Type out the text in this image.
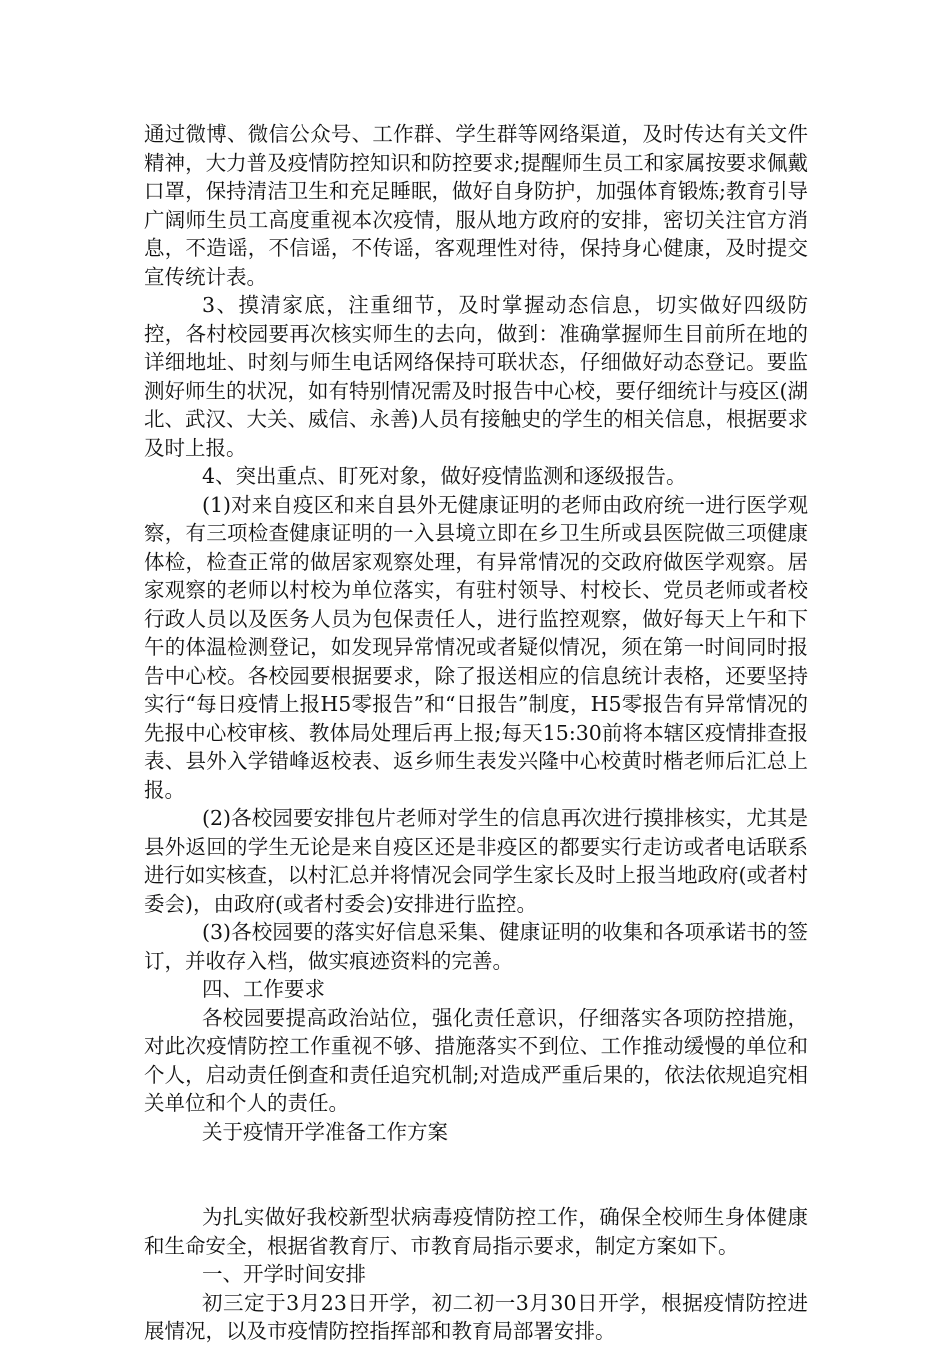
通过微博、微信公众号、工作群、学生群等网络渠道，及时传达有关文件精神，大力普及疫情防控知识和防控要求;提醒师生员工和家属按要求佩戴口罩，保持清洁卫生和充足睡眠，做好自身防护，加强体育锻炼;教育引导广阔师生员工高度重视本次疫情，服从地方政府的安排，密切关注官方消息，不造谣，不信谣，不传谣，客观理性对待，保持身心健康，及时提交宣传统计表。

3、摸清家底，注重细节，及时掌握动态信息，切实做好四级防控，各村校园要再次核实师生的去向，做到：准确掌握师生目前所在地的详细地址、时刻与师生电话网络保持可联状态，仔细做好动态登记。要监测好师生的状况，如有特别情况需及时报告中心校，要仔细统计与疫区(湖北、武汉、大关、威信、永善)人员有接触史的学生的相关信息，根据要求及时上报。

4、突出重点、盯死对象，做好疫情监测和逐级报告。

(1)对来自疫区和来自县外无健康证明的老师由政府统一进行医学观察，有三项检查健康证明的一入县境立即在乡卫生所或县医院做三项健康体检，检查正常的做居家观察处理，有异常情况的交政府做医学观察。居家观察的老师以村校为单位落实，有驻村领导、村校长、党员老师或者校行政人员以及医务人员为包保责任人，进行监控观察，做好每天上午和下午的体温检测登记，如发现异常情况或者疑似情况，须在第一时间同时报告中心校。各校园要根据要求，除了报送相应的信息统计表格，还要坚持实行“每日疫情上报H5零报告”和“日报告”制度，H5零报告有异常情况的先报中心校审核、教体局处理后再上报;每天15:30前将本辖区疫情排查报表、县外入学错峰返校表、返乡师生表发兴隆中心校黄时楷老师后汇总上报。

(2)各校园要安排包片老师对学生的信息再次进行摸排核实，尤其是县外返回的学生无论是来自疫区还是非疫区的都要实行走访或者电话联系进行如实核查，以村汇总并将情况会同学生家长及时上报当地政府(或者村委会)，由政府(或者村委会)安排进行监控。

(3)各校园要的落实好信息采集、健康证明的收集和各项承诺书的签订，并收存入档，做实痕迹资料的完善。

四、工作要求

各校园要提高政治站位，强化责任意识，仔细落实各项防控措施，对此次疫情防控工作重视不够、措施落实不到位、工作推动缓慢的单位和个人，启动责任倒查和责任追究机制;对造成严重后果的，依法依规追究相关单位和个人的责任。

关于疫情开学准备工作方案

为扎实做好我校新型状病毒疫情防控工作，确保全校师生身体健康和生命安全，根据省教育厅、市教育局指示要求，制定方案如下。

一、开学时间安排

初三定于3月23日开学，初二初一3月30日开学，根据疫情防控进展情况，以及市疫情防控指挥部和教育局部署安排。
